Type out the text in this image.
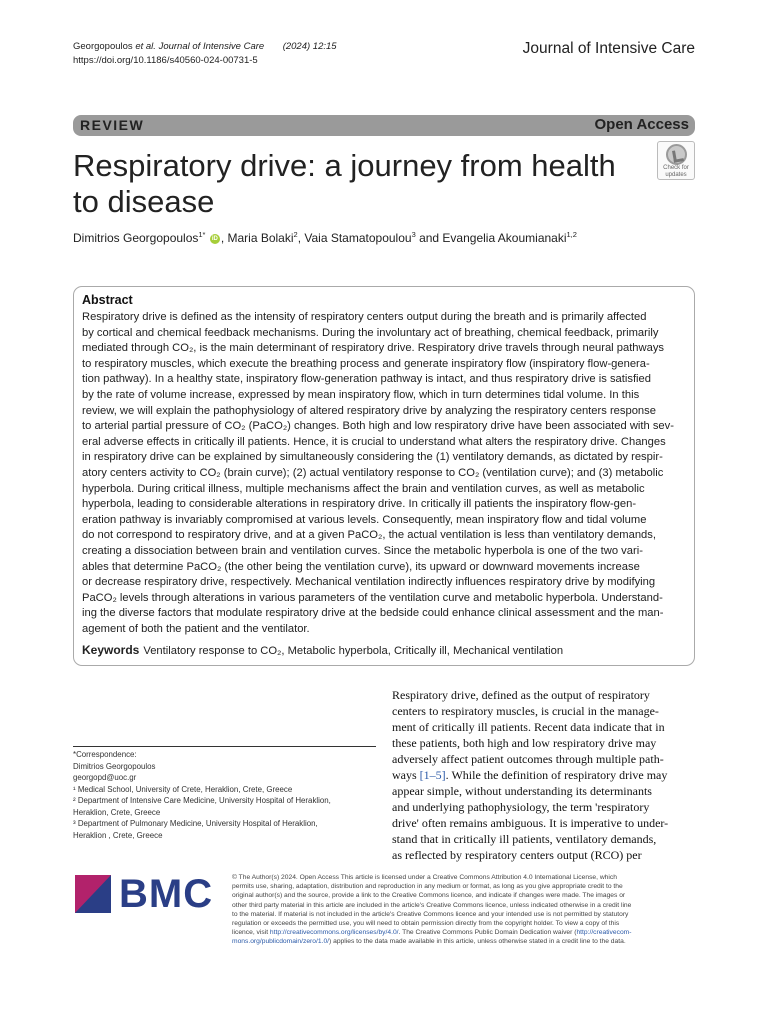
Georgopoulos et al. Journal of Intensive Care (2024) 12:15
https://doi.org/10.1186/s40560-024-00731-5
Journal of Intensive Care
REVIEW	Open Access
Respiratory drive: a journey from health
to disease
Check for
updates
Dimitrios Georgopoulos$^{1*}$ iD , Maria Bolaki$^2$, Vaia Stamatopoulou$^3$ and Evangelia Akoumianaki$^{1,2}$
Abstract
Respiratory drive is defined as the intensity of respiratory centers output during the breath and is primarily affected
by cortical and chemical feedback mechanisms. During the involuntary act of breathing, chemical feedback, primarily
mediated through CO₂, is the main determinant of respiratory drive. Respiratory drive travels through neural pathways
to respiratory muscles, which execute the breathing process and generate inspiratory flow (inspiratory flow-genera-
tion pathway). In a healthy state, inspiratory flow-generation pathway is intact, and thus respiratory drive is satisfied
by the rate of volume increase, expressed by mean inspiratory flow, which in turn determines tidal volume. In this
review, we will explain the pathophysiology of altered respiratory drive by analyzing the respiratory centers response
to arterial partial pressure of CO₂ (PaCO₂) changes. Both high and low respiratory drive have been associated with sev-
eral adverse effects in critically ill patients. Hence, it is crucial to understand what alters the respiratory drive. Changes
in respiratory drive can be explained by simultaneously considering the (1) ventilatory demands, as dictated by respir-
atory centers activity to CO₂ (brain curve); (2) actual ventilatory response to CO₂ (ventilation curve); and (3) metabolic
hyperbola. During critical illness, multiple mechanisms affect the brain and ventilation curves, as well as metabolic
hyperbola, leading to considerable alterations in respiratory drive. In critically ill patients the inspiratory flow-gen-
eration pathway is invariably compromised at various levels. Consequently, mean inspiratory flow and tidal volume
do not correspond to respiratory drive, and at a given PaCO₂, the actual ventilation is less than ventilatory demands,
creating a dissociation between brain and ventilation curves. Since the metabolic hyperbola is one of the two vari-
ables that determine PaCO₂ (the other being the ventilation curve), its upward or downward movements increase
or decrease respiratory drive, respectively. Mechanical ventilation indirectly influences respiratory drive by modifying
PaCO₂ levels through alterations in various parameters of the ventilation curve and metabolic hyperbola. Understand-
ing the diverse factors that modulate respiratory drive at the bedside could enhance clinical assessment and the man-
agement of both the patient and the ventilator.
Keywords Ventilatory response to CO₂, Metabolic hyperbola, Critically ill, Mechanical ventilation
*Correspondence:
Dimitrios Georgopoulos
georgopd@uoc.gr
¹ Medical School, University of Crete, Heraklion, Crete, Greece
² Department of Intensive Care Medicine, University Hospital of Heraklion,
Heraklion, Crete, Greece
³ Department of Pulmonary Medicine, University Hospital of Heraklion,
Heraklion , Crete, Greece
Respiratory drive, defined as the output of respiratory
centers to respiratory muscles, is crucial in the manage-
ment of critically ill patients. Recent data indicate that in
these patients, both high and low respiratory drive may
adversely affect patient outcomes through multiple path-
ways [1–5]. While the definition of respiratory drive may
appear simple, without understanding its determinants
and underlying pathophysiology, the term 'respiratory
drive' often remains ambiguous. It is imperative to under-
stand that in critically ill patients, ventilatory demands,
as reflected by respiratory centers output (RCO) per
BMC	© The Author(s) 2024. Open Access This article is licensed under a Creative Commons Attribution 4.0 International License, which
permits use, sharing, adaptation, distribution and reproduction in any medium or format, as long as you give appropriate credit to the
original author(s) and the source, provide a link to the Creative Commons licence, and indicate if changes were made. The images or
other third party material in this article are included in the article's Creative Commons licence, unless indicated otherwise in a credit line
to the material. If material is not included in the article's Creative Commons licence and your intended use is not permitted by statutory
regulation or exceeds the permitted use, you will need to obtain permission directly from the copyright holder. To view a copy of this
licence, visit http://creativecommons.org/licenses/by/4.0/. The Creative Commons Public Domain Dedication waiver (http://creativecom-
mons.org/publicdomain/zero/1.0/) applies to the data made available in this article, unless otherwise stated in a credit line to the data.
